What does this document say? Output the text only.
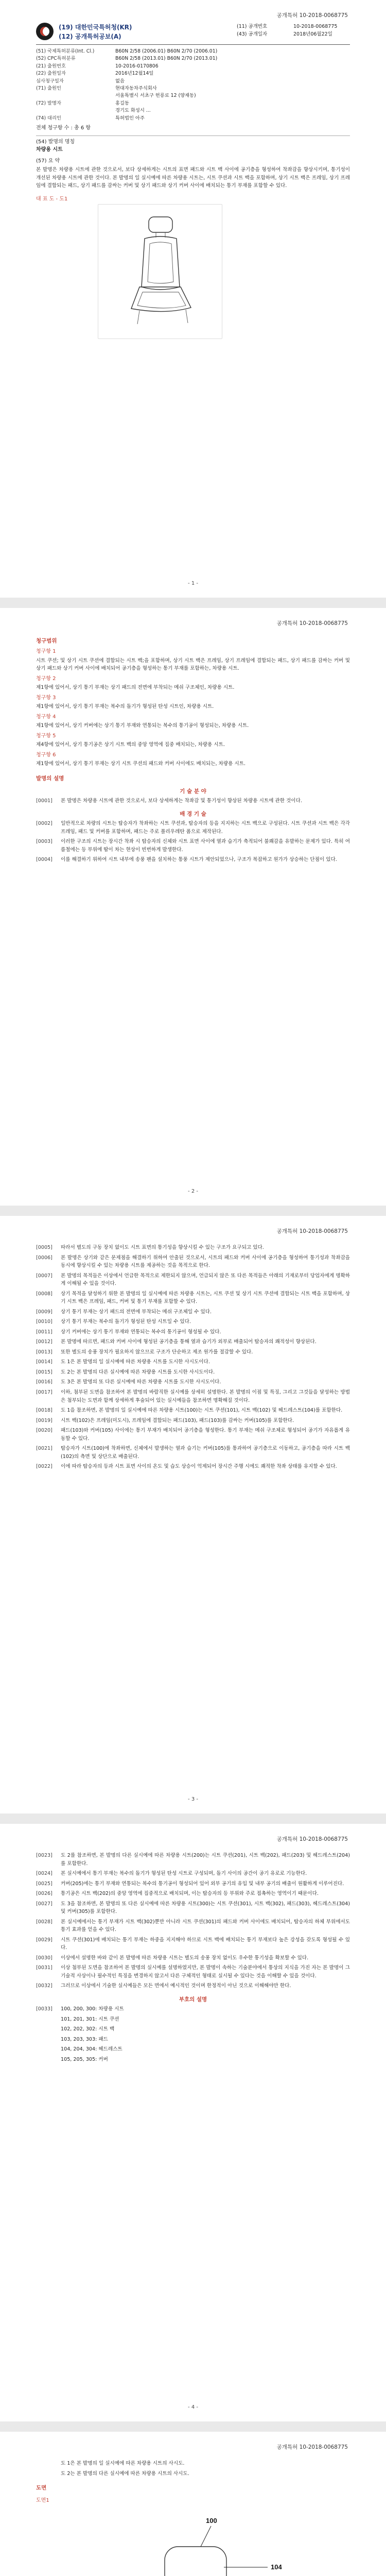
공개특허 10-2018-0068775
(19) 대한민국특허청(KR)
(12) 공개특허공보(A)
(11) 공개번호	10-2018-0068775
(43) 공개일자	2018년06월22일
(51) 국제특허분류(Int. Cl.)	B60N 2/58 (2006.01) B60N 2/70 (2006.01)
(52) CPC특허분류	B60N 2/58 (2013.01) B60N 2/70 (2013.01)
(21) 출원번호	10-2016-0170806
(22) 출원일자	2016년12월14일
심사청구일자	없음
(71) 출원인	현대자동차주식회사
	서울특별시 서초구 헌릉로 12 (양재동)
(72) 발명자	홍길동
	경기도 화성시 ...
(74) 대리인	특허법인 아주
전체 청구항 수 : 총 6 항
(54) 발명의 명칭
차량용 시트
(57) 요 약
본 발명은 차량용 시트에 관한 것으로서, 보다 상세하게는 시트의 표면 패드와 시트 백 사이에 공기층을 형성하여 착좌감을 향상시키며, 통기성이 개선된 차량용 시트에 관한 것이다. 본 발명의 일 실시예에 따른 차량용 시트는, 시트 쿠션과 시트 백을 포함하며, 상기 시트 백은 프레임, 상기 프레임에 결합되는 패드, 상기 패드를 감싸는 커버 및 상기 패드와 상기 커버 사이에 배치되는 통기 부재를 포함할 수 있다.
대 표 도 - 도1
- 1 -
공개특허 10-2018-0068775
청구범위
청구항 1
시트 쿠션; 및 상기 시트 쿠션에 결합되는 시트 백;을 포함하며, 상기 시트 백은 프레임, 상기 프레임에 결합되는 패드, 상기 패드를 감싸는 커버 및 상기 패드와 상기 커버 사이에 배치되어 공기층을 형성하는 통기 부재를 포함하는, 차량용 시트.
청구항 2
제1항에 있어서, 상기 통기 부재는 상기 패드의 전면에 부착되는 메쉬 구조체인, 차량용 시트.
청구항 3
제1항에 있어서, 상기 통기 부재는 복수의 돌기가 형성된 탄성 시트인, 차량용 시트.
청구항 4
제1항에 있어서, 상기 커버에는 상기 통기 부재와 연통되는 복수의 통기공이 형성되는, 차량용 시트.
청구항 5
제4항에 있어서, 상기 통기공은 상기 시트 백의 중앙 영역에 집중 배치되는, 차량용 시트.
청구항 6
제1항에 있어서, 상기 통기 부재는 상기 시트 쿠션의 패드와 커버 사이에도 배치되는, 차량용 시트.
발명의 설명
기 술 분 야
[0001]	본 발명은 차량용 시트에 관한 것으로서, 보다 상세하게는 착좌감 및 통기성이 향상된 차량용 시트에 관한 것이다.
배 경 기 술
[0002]	일반적으로 차량의 시트는 탑승자가 착좌하는 시트 쿠션과, 탑승자의 등을 지지하는 시트 백으로 구성된다. 시트 쿠션과 시트 백은 각각 프레임, 패드 및 커버를 포함하며, 패드는 주로 폴리우레탄 폼으로 제작된다.
[0003]	이러한 구조의 시트는 장시간 착좌 시 탑승자의 신체와 시트 표면 사이에 열과 습기가 축적되어 불쾌감을 유발하는 문제가 있다. 특히 여름철에는 등 부위에 땀이 차는 현상이 빈번하게 발생한다.
[0004]	이를 해결하기 위하여 시트 내부에 송풍 팬을 설치하는 통풍 시트가 제안되었으나, 구조가 복잡하고 원가가 상승하는 단점이 있다.
- 2 -
공개특허 10-2018-0068775
[0005]	따라서 별도의 구동 장치 없이도 시트 표면의 통기성을 향상시킬 수 있는 구조가 요구되고 있다.
[0006]	본 발명은 상기와 같은 문제점을 해결하기 위하여 안출된 것으로서, 시트의 패드와 커버 사이에 공기층을 형성하여 통기성과 착좌감을 동시에 향상시킬 수 있는 차량용 시트를 제공하는 것을 목적으로 한다.
[0007]	본 발명의 목적들은 이상에서 언급한 목적으로 제한되지 않으며, 언급되지 않은 또 다른 목적들은 아래의 기재로부터 당업자에게 명확하게 이해될 수 있을 것이다.
[0008]	상기 목적을 달성하기 위한 본 발명의 일 실시예에 따른 차량용 시트는, 시트 쿠션 및 상기 시트 쿠션에 결합되는 시트 백을 포함하며, 상기 시트 백은 프레임, 패드, 커버 및 통기 부재를 포함할 수 있다.
[0009]	상기 통기 부재는 상기 패드의 전면에 부착되는 메쉬 구조체일 수 있다.
[0010]	상기 통기 부재는 복수의 돌기가 형성된 탄성 시트일 수 있다.
[0011]	상기 커버에는 상기 통기 부재와 연통되는 복수의 통기공이 형성될 수 있다.
[0012]	본 발명에 따르면, 패드와 커버 사이에 형성된 공기층을 통해 열과 습기가 외부로 배출되어 탑승자의 쾌적성이 향상된다.
[0013]	또한 별도의 송풍 장치가 필요하지 않으므로 구조가 단순하고 제조 원가를 절감할 수 있다.
[0014]	도 1은 본 발명의 일 실시예에 따른 차량용 시트를 도시한 사시도이다.
[0015]	도 2는 본 발명의 다른 실시예에 따른 차량용 시트를 도시한 사시도이다.
[0016]	도 3은 본 발명의 또 다른 실시예에 따른 차량용 시트를 도시한 사시도이다.
[0017]	이하, 첨부된 도면을 참조하여 본 발명의 바람직한 실시예를 상세히 설명한다. 본 발명의 이점 및 특징, 그리고 그것들을 달성하는 방법은 첨부되는 도면과 함께 상세하게 후술되어 있는 실시예들을 참조하면 명확해질 것이다.
[0018]	도 1을 참조하면, 본 발명의 일 실시예에 따른 차량용 시트(100)는 시트 쿠션(101), 시트 백(102) 및 헤드레스트(104)를 포함한다.
[0019]	시트 백(102)은 프레임(미도시), 프레임에 결합되는 패드(103), 패드(103)를 감싸는 커버(105)를 포함한다.
[0020]	패드(103)와 커버(105) 사이에는 통기 부재가 배치되어 공기층을 형성한다. 통기 부재는 메쉬 구조체로 형성되어 공기가 자유롭게 유동할 수 있다.
[0021]	탑승자가 시트(100)에 착좌하면, 신체에서 발생하는 열과 습기는 커버(105)를 통과하여 공기층으로 이동하고, 공기층을 따라 시트 백(102)의 측면 및 상단으로 배출된다.
[0022]	이에 따라 탑승자의 등과 시트 표면 사이의 온도 및 습도 상승이 억제되어 장시간 주행 시에도 쾌적한 착좌 상태를 유지할 수 있다.
- 3 -
공개특허 10-2018-0068775
[0023]	도 2를 참조하면, 본 발명의 다른 실시예에 따른 차량용 시트(200)는 시트 쿠션(201), 시트 백(202), 패드(203) 및 헤드레스트(204)를 포함한다.
[0024]	본 실시예에서 통기 부재는 복수의 돌기가 형성된 탄성 시트로 구성되며, 돌기 사이의 공간이 공기 유로로 기능한다.
[0025]	커버(205)에는 통기 부재와 연통되는 복수의 통기공이 형성되어 있어 외부 공기의 유입 및 내부 공기의 배출이 원활하게 이루어진다.
[0026]	통기공은 시트 백(202)의 중앙 영역에 집중적으로 배치되며, 이는 탑승자의 등 부위와 주로 접촉하는 영역이기 때문이다.
[0027]	도 3을 참조하면, 본 발명의 또 다른 실시예에 따른 차량용 시트(300)는 시트 쿠션(301), 시트 백(302), 패드(303), 헤드레스트(304) 및 커버(305)를 포함한다.
[0028]	본 실시예에서는 통기 부재가 시트 백(302)뿐만 아니라 시트 쿠션(301)의 패드와 커버 사이에도 배치되어, 탑승자의 하체 부위에서도 통기 효과를 얻을 수 있다.
[0029]	시트 쿠션(301)에 배치되는 통기 부재는 하중을 지지해야 하므로 시트 백에 배치되는 통기 부재보다 높은 강성을 갖도록 형성될 수 있다.
[0030]	이상에서 설명한 바와 같이 본 발명에 따른 차량용 시트는 별도의 송풍 장치 없이도 우수한 통기성을 확보할 수 있다.
[0031]	이상 첨부된 도면을 참조하여 본 발명의 실시예를 설명하였지만, 본 발명이 속하는 기술분야에서 통상의 지식을 가진 자는 본 발명이 그 기술적 사상이나 필수적인 특징을 변경하지 않고서 다른 구체적인 형태로 실시될 수 있다는 것을 이해할 수 있을 것이다.
[0032]	그러므로 이상에서 기술한 실시예들은 모든 면에서 예시적인 것이며 한정적이 아닌 것으로 이해해야만 한다.
부호의 설명
[0033]	100, 200, 300: 차량용 시트
101, 201, 301: 시트 쿠션
102, 202, 302: 시트 백
103, 203, 303: 패드
104, 204, 304: 헤드레스트
105, 205, 305: 커버
- 4 -
공개특허 10-2018-0068775
도 1은 본 발명의 일 실시예에 따른 차량용 시트의 사시도.
도 2는 본 발명의 다른 실시예에 따른 차량용 시트의 사시도.
도면
도면1
100
104
